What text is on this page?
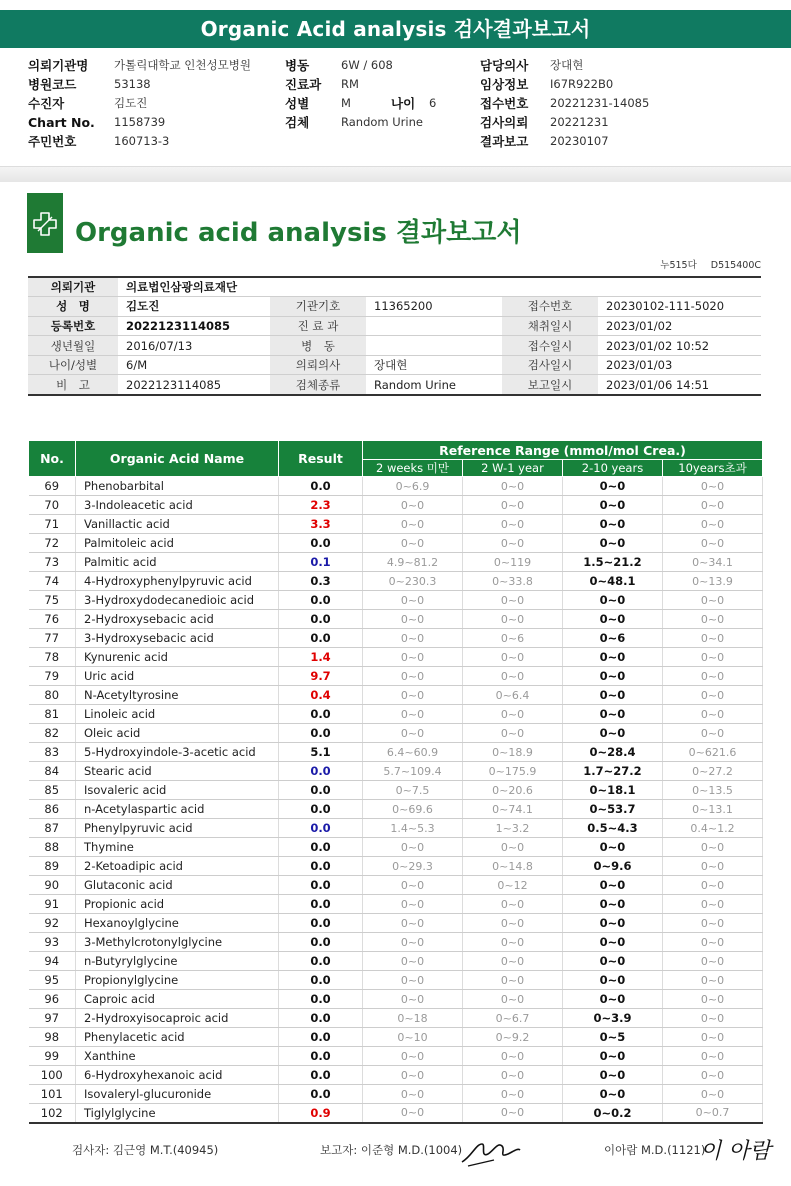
Organic Acid analysis 검사결과보고서
의뢰기관명	가톨릭대학교 인천성모병원
병원코드	53138
수진자	김도진
Chart No.	1158739
주민번호	160713-3
병동	6W / 608
진료과	RM
성별	M	나이	6
검체	Random Urine
담당의사	장대현
임상정보	I67R922B0
접수번호	20221231-14085
검사의뢰	20221231
결과보고	20230107
Organic acid analysis 결과보고서
누515다 D515400C
의뢰기관	의료법인삼광의료재단				
성　명	김도진	기관기호	11365200	접수번호	20230102-111-5020
등록번호	2022123114085	진 료 과		채취일시	2023/01/02
생년월일	2016/07/13	병　동		접수일시	2023/01/02 10:52
나이/성별	6/M	의뢰의사	장대현	검사일시	2023/01/03
비　고	2022123114085	검체종류	Random Urine	보고일시	2023/01/06 14:51
No.	Organic Acid Name	Result	Reference Range (mmol/mol Crea.)			
			2 weeks 미만	2 W-1 year	2-10 years	10years초과
69	Phenobarbital	0.0	0~6.9	0~0	0~0	0~0
70	3-Indoleacetic acid	2.3	0~0	0~0	0~0	0~0
71	Vanillactic acid	3.3	0~0	0~0	0~0	0~0
72	Palmitoleic acid	0.0	0~0	0~0	0~0	0~0
73	Palmitic acid	0.1	4.9~81.2	0~119	1.5~21.2	0~34.1
74	4-Hydroxyphenylpyruvic acid	0.3	0~230.3	0~33.8	0~48.1	0~13.9
75	3-Hydroxydodecanedioic acid	0.0	0~0	0~0	0~0	0~0
76	2-Hydroxysebacic acid	0.0	0~0	0~0	0~0	0~0
77	3-Hydroxysebacic acid	0.0	0~0	0~6	0~6	0~0
78	Kynurenic acid	1.4	0~0	0~0	0~0	0~0
79	Uric acid	9.7	0~0	0~0	0~0	0~0
80	N-Acetyltyrosine	0.4	0~0	0~6.4	0~0	0~0
81	Linoleic acid	0.0	0~0	0~0	0~0	0~0
82	Oleic acid	0.0	0~0	0~0	0~0	0~0
83	5-Hydroxyindole-3-acetic acid	5.1	6.4~60.9	0~18.9	0~28.4	0~621.6
84	Stearic acid	0.0	5.7~109.4	0~175.9	1.7~27.2	0~27.2
85	Isovaleric acid	0.0	0~7.5	0~20.6	0~18.1	0~13.5
86	n-Acetylaspartic acid	0.0	0~69.6	0~74.1	0~53.7	0~13.1
87	Phenylpyruvic acid	0.0	1.4~5.3	1~3.2	0.5~4.3	0.4~1.2
88	Thymine	0.0	0~0	0~0	0~0	0~0
89	2-Ketoadipic acid	0.0	0~29.3	0~14.8	0~9.6	0~0
90	Glutaconic acid	0.0	0~0	0~12	0~0	0~0
91	Propionic acid	0.0	0~0	0~0	0~0	0~0
92	Hexanoylglycine	0.0	0~0	0~0	0~0	0~0
93	3-Methylcrotonylglycine	0.0	0~0	0~0	0~0	0~0
94	n-Butyrylglycine	0.0	0~0	0~0	0~0	0~0
95	Propionylglycine	0.0	0~0	0~0	0~0	0~0
96	Caproic acid	0.0	0~0	0~0	0~0	0~0
97	2-Hydroxyisocaproic acid	0.0	0~18	0~6.7	0~3.9	0~0
98	Phenylacetic acid	0.0	0~10	0~9.2	0~5	0~0
99	Xanthine	0.0	0~0	0~0	0~0	0~0
100	6-Hydroxyhexanoic acid	0.0	0~0	0~0	0~0	0~0
101	Isovaleryl-glucuronide	0.0	0~0	0~0	0~0	0~0
102	Tiglylglycine	0.9	0~0	0~0	0~0.2	0~0.7
검사자: 김근영 M.T.(40945)	보고자: 이준형 M.D.(1004)	이아람 M.D.(1121)
이 아람
